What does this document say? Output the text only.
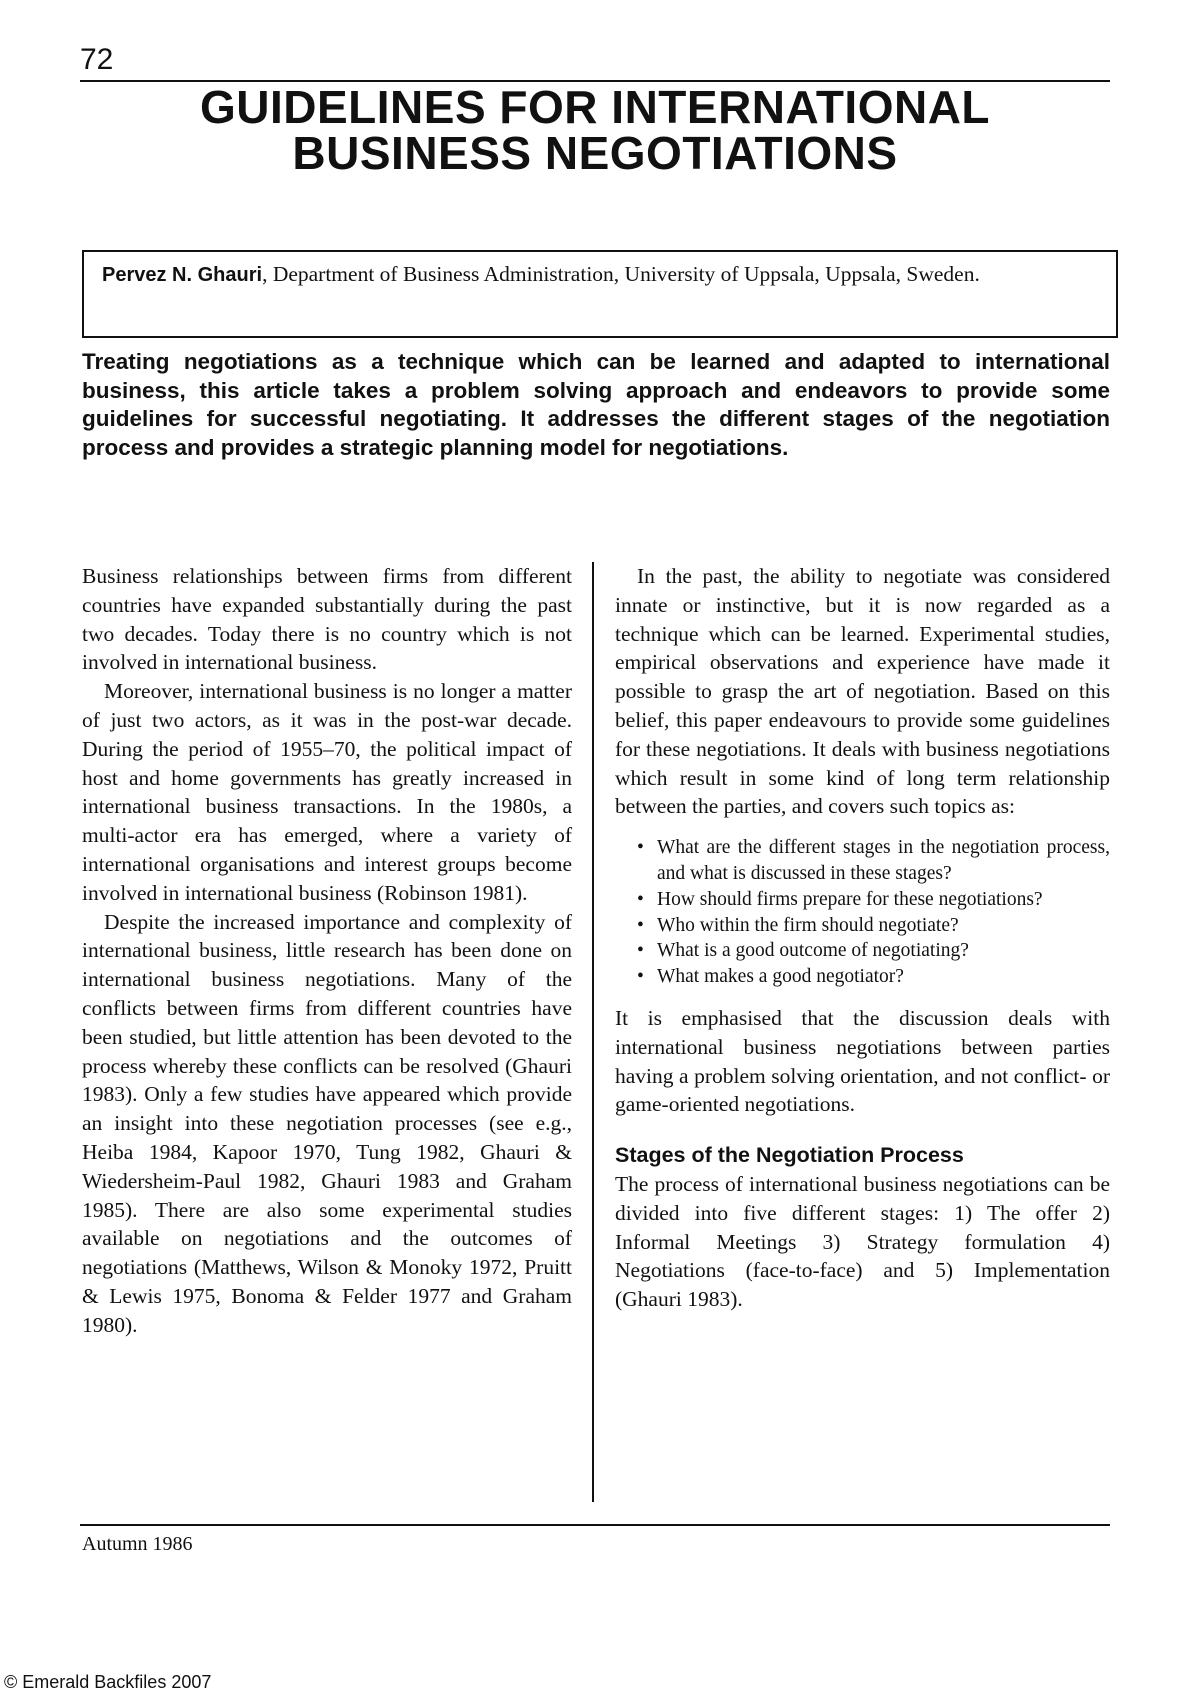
72
GUIDELINES FOR INTERNATIONAL
BUSINESS NEGOTIATIONS
Pervez N. Ghauri, Department of Business Administration, University of Uppsala, Uppsala, Sweden.

Treating negotiations as a technique which can be learned and adapted to international business, this article takes a problem solving approach and endeavors to provide some guidelines for successful negotiating. It addresses the different stages of the negotiation process and provides a strategic planning model for negotiations.

Business relationships between firms from different countries have expanded substantially during the past two decades. Today there is no country which is not involved in international business.

Moreover, international business is no longer a matter of just two actors, as it was in the post-war decade. During the period of 1955–70, the political impact of host and home governments has greatly increased in international business transactions. In the 1980s, a multi-actor era has emerged, where a variety of international organisations and interest groups become involved in international business (Robinson 1981).

Despite the increased importance and complexity of international business, little research has been done on international business negotiations. Many of the conflicts between firms from different countries have been studied, but little attention has been devoted to the process whereby these conflicts can be resolved (Ghauri 1983). Only a few studies have appeared which provide an insight into these negotiation processes (see e.g., Heiba 1984, Kapoor 1970, Tung 1982, Ghauri & Wiedersheim-Paul 1982, Ghauri 1983 and Graham 1985). There are also some experimental studies available on negotiations and the outcomes of negotiations (Matthews, Wilson & Monoky 1972, Pruitt & Lewis 1975, Bonoma & Felder 1977 and Graham 1980).

In the past, the ability to negotiate was considered innate or instinctive, but it is now regarded as a technique which can be learned. Experimental studies, empirical observations and experience have made it possible to grasp the art of negotiation. Based on this belief, this paper endeavours to provide some guidelines for these negotiations. It deals with business negotiations which result in some kind of long term relationship between the parties, and covers such topics as:

• What are the different stages in the negotiation process, and what is discussed in these stages?
• How should firms prepare for these negotiations?
• Who within the firm should negotiate?
• What is a good outcome of negotiating?
• What makes a good negotiator?

It is emphasised that the discussion deals with international business negotiations between parties having a problem solving orientation, and not conflict- or game-oriented negotiations.

Stages of the Negotiation Process

The process of international business negotiations can be divided into five different stages: 1) The offer 2) Informal Meetings 3) Strategy formulation 4) Negotiations (face-to-face) and 5) Implementation (Ghauri 1983).

Autumn 1986
© Emerald Backfiles 2007
